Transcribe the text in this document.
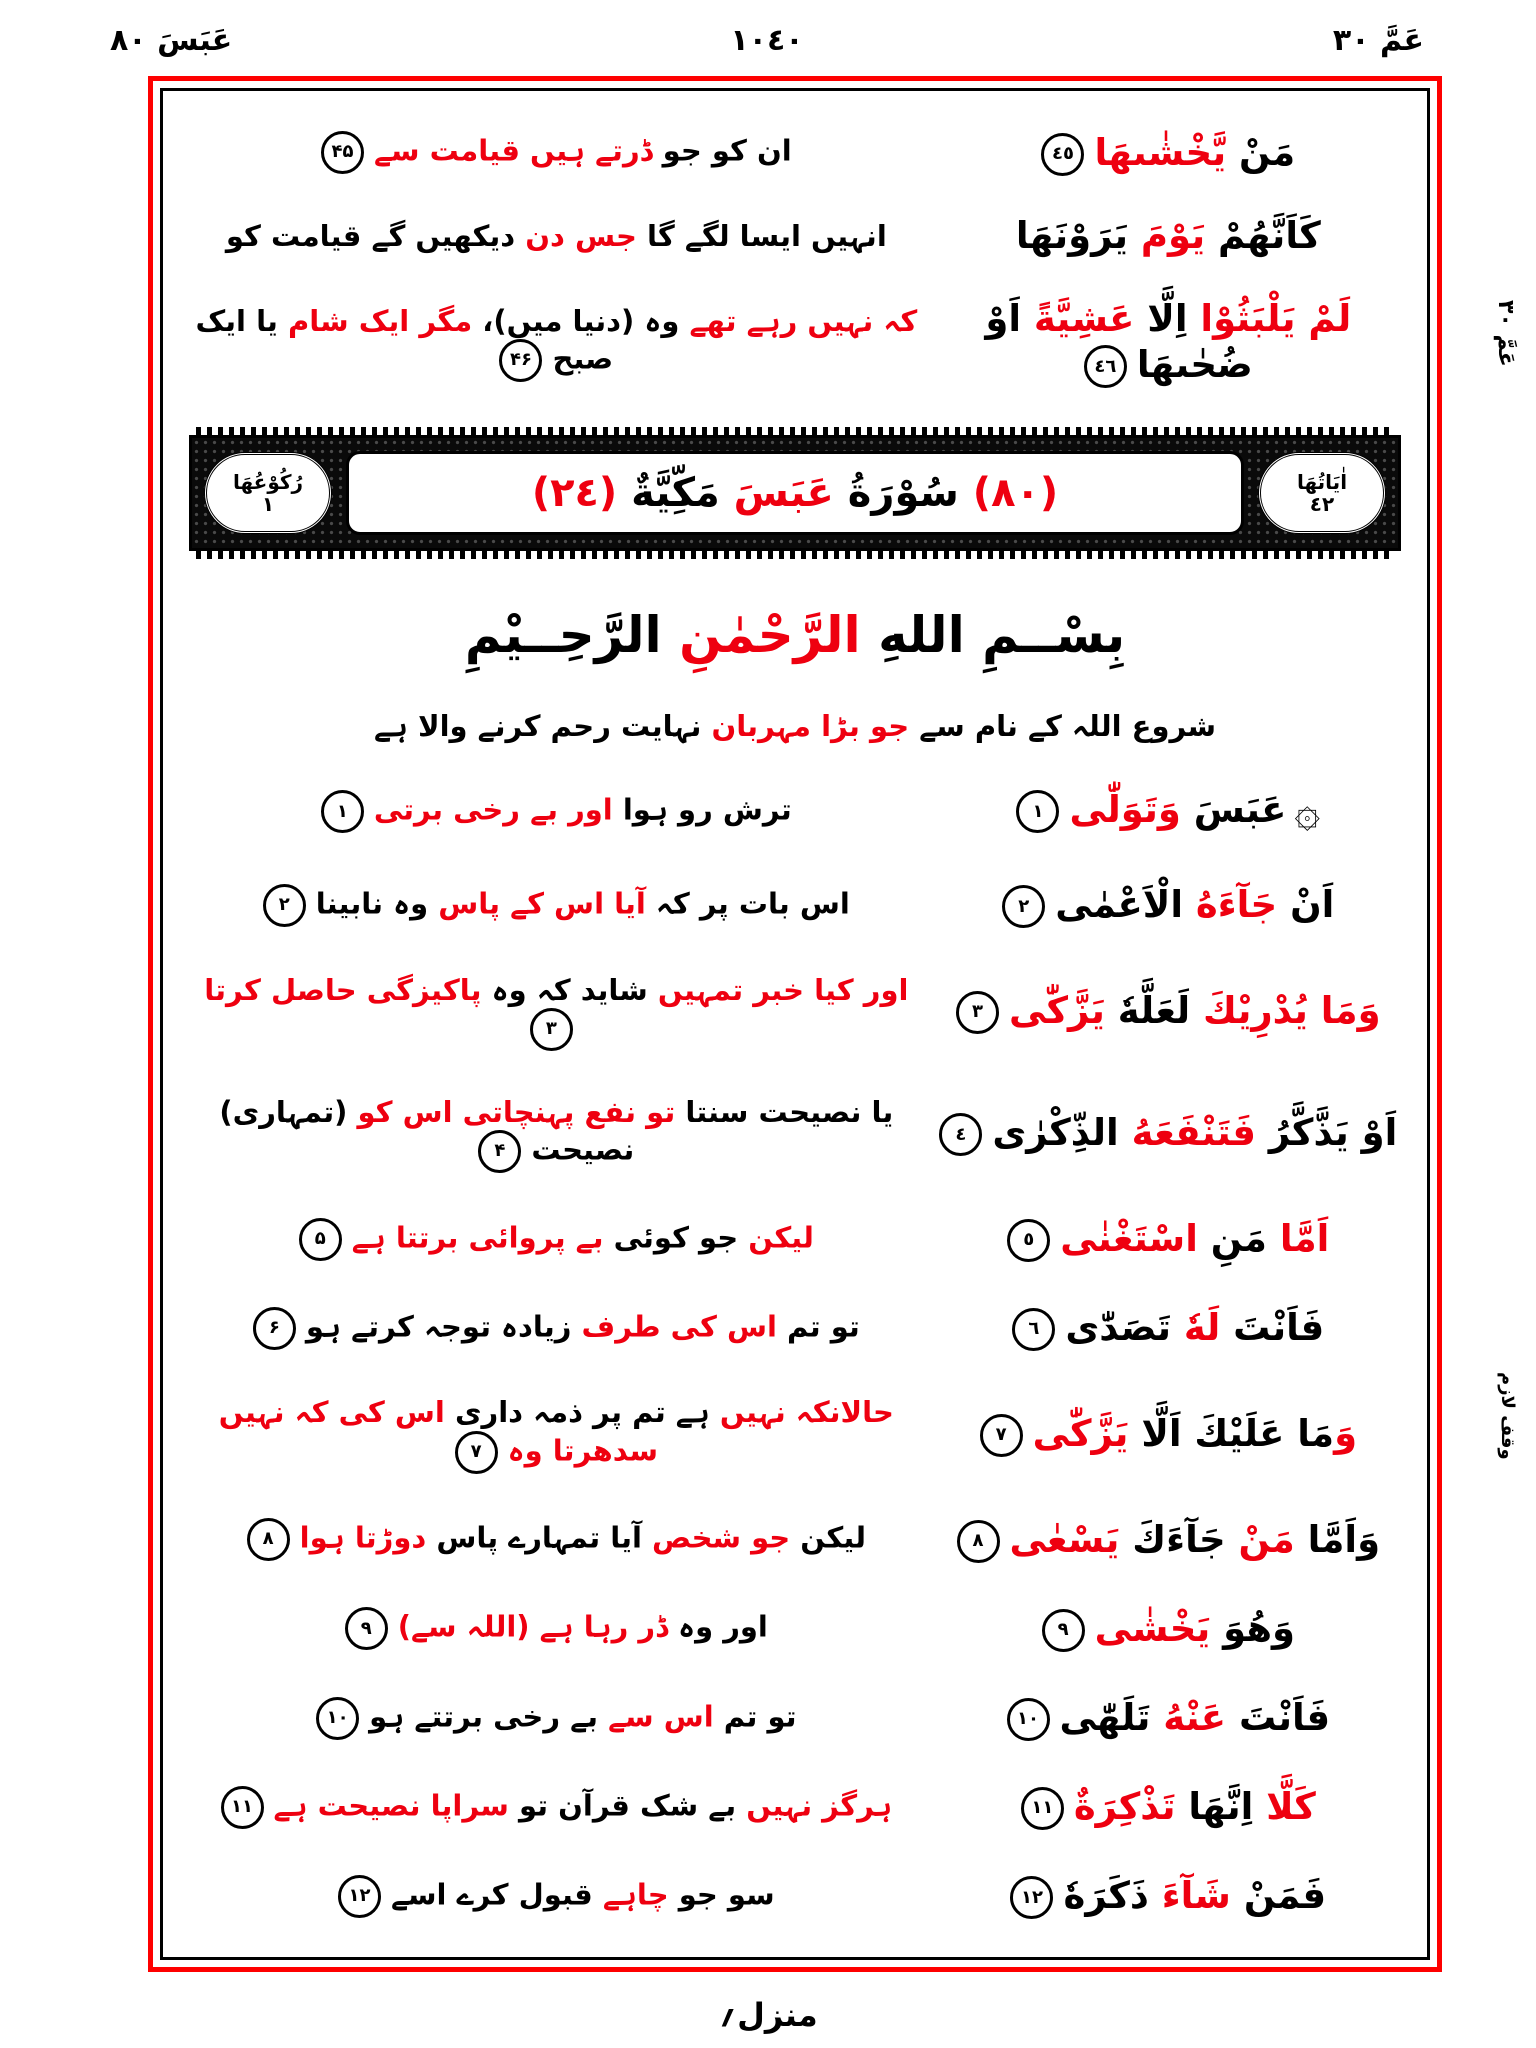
عَبَسَ ٨٠	١٠٤٠	عَمَّ ٣٠
مَنْ يَّخْشٰىهَا٤٥
ان کو جو ڈرتے ہیں قیامت سے۴۵
كَاَنَّهُمْ يَوْمَ يَرَوْنَهَا
انہیں ایسا لگے گا جس دن دیکھیں گے قیامت کو
لَمْ يَلْبَثُوْا اِلَّا عَشِيَّةً اَوْ ضُحٰىهَا٤٦
کہ نہیں رہے تھے وہ (دنیا میں)، مگر ایک شام یا ایک صبح۴۶
اٰيَاتُهَا
٤٢
(٨٠) سُوْرَةُ عَبَسَ مَكِّيَّةٌ (٢٤)
رُكُوْعُهَا
١
بِسْــمِ اللهِ الرَّحْمٰنِ الرَّحِــيْمِ
شروع اللہ کے نام سے جو بڑا مہربان نہایت رحم کرنے والا ہے
۞عَبَسَ وَتَوَلّٰى١
ترش رو ہوا اور بے رخی برتی۱
اَنْ جَآءَهُ الْاَعْمٰى٢
اس بات پر کہ آیا اس کے پاس وہ نابینا۲
وَمَا يُدْرِيْكَ لَعَلَّهٗ يَزَّكّٰى٣
اور کیا خبر تمہیں شاید کہ وہ پاکیزگی حاصل کرتا۳
اَوْ يَذَّكَّرُ فَتَنْفَعَهُ الذِّكْرٰى٤
یا نصیحت سنتا تو نفع پہنچاتی اس کو (تمہاری) نصیحت۴
اَمَّا مَنِ اسْتَغْنٰى٥
لیکن جو کوئی بے پروائی برتتا ہے۵
فَاَنْتَ لَهٗ تَصَدّٰى٦
تو تم اس کی طرف زیادہ توجہ کرتے ہو۶
وَمَا عَلَيْكَ اَلَّا يَزَّكّٰى٧
حالانکہ نہیں ہے تم پر ذمہ داری اس کی کہ نہیں سدھرتا وہ۷
وَاَمَّا مَنْ جَآءَكَ يَسْعٰى٨
لیکن جو شخص آیا تمہارے پاس دوڑتا ہوا۸
وَهُوَ يَخْشٰى٩
اور وہ ڈر رہا ہے (اللہ سے)۹
فَاَنْتَ عَنْهُ تَلَهّٰى١٠
تو تم اس سے بے رخی برتتے ہو۱۰
كَلَّا اِنَّهَا تَذْكِرَةٌ١١
ہرگز نہیں بے شک قرآن تو سراپا نصیحت ہے۱۱
فَمَنْ شَآءَ ذَكَرَهٗ١٢
سو جو چاہے قبول کرے اسے۱۲
عَمَّ ٣٠
وقف لازم
منزل؍
